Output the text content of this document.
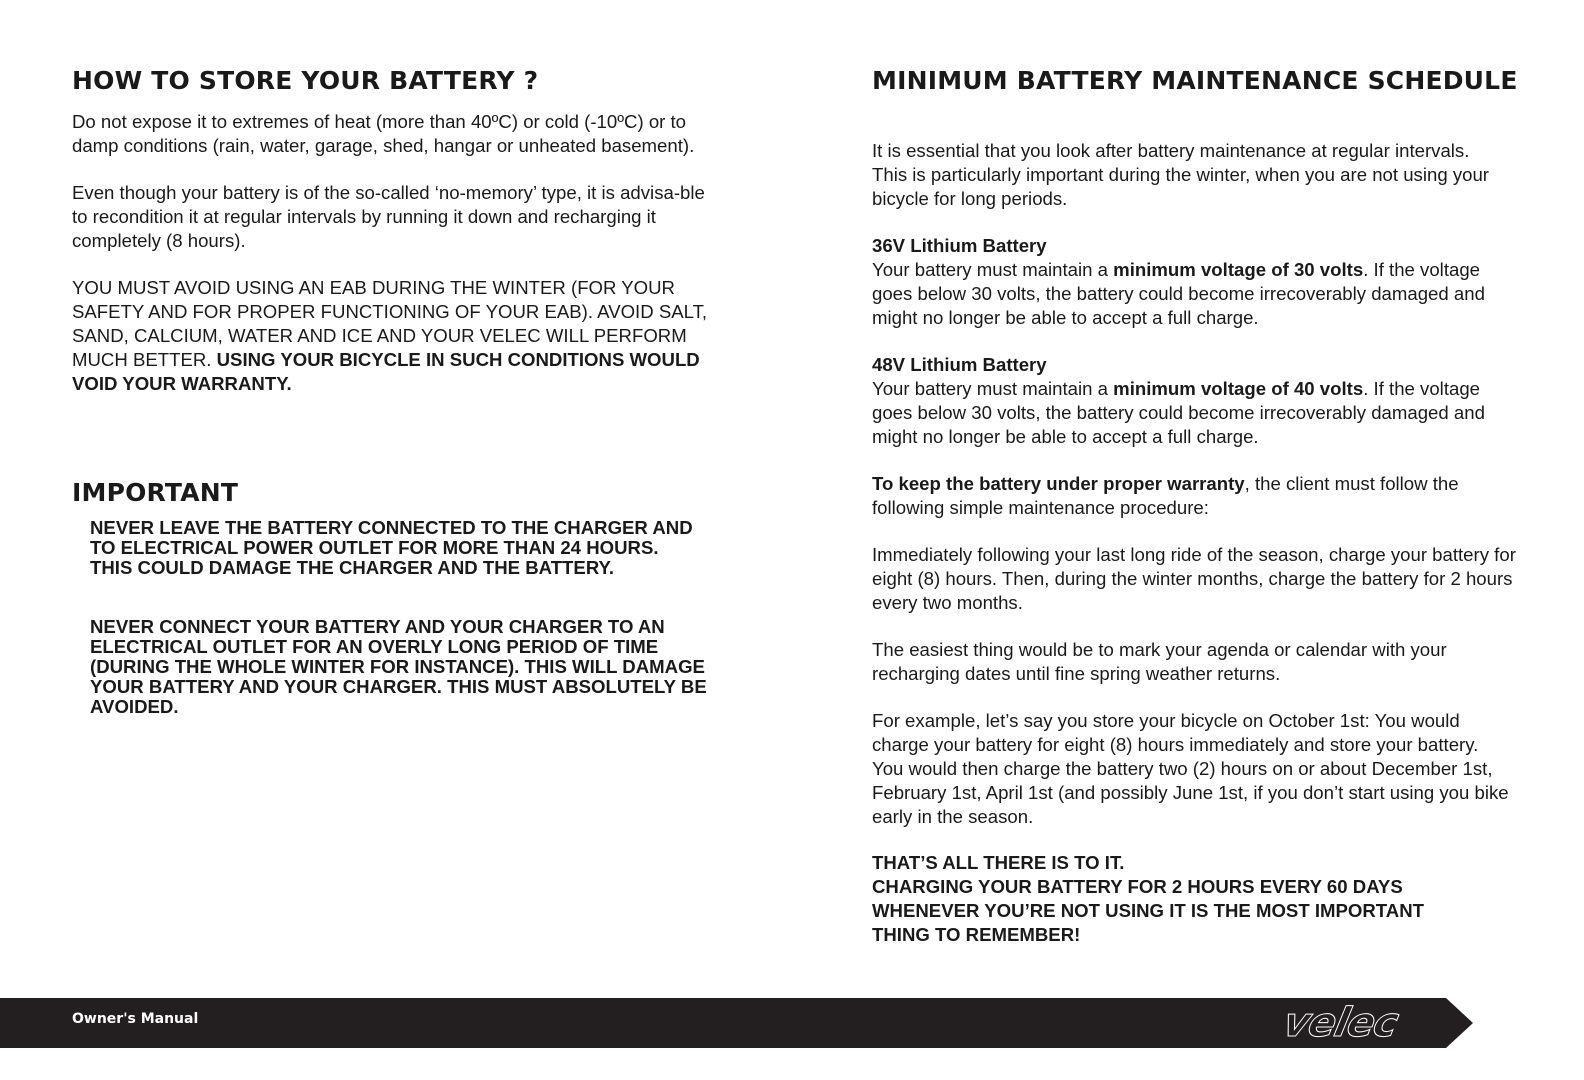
HOW TO STORE YOUR BATTERY ?

Do not expose it to extremes of heat (more than 40ºC) or cold (-10ºC) or to damp conditions (rain, water, garage, shed, hangar or unheated basement).

Even though your battery is of the so-called ‘no-memory’ type, it is advisa-ble to recondition it at regular intervals by running it down and recharging it completely (8 hours).

YOU MUST AVOID USING AN EAB DURING THE WINTER (FOR YOUR SAFETY AND FOR PROPER FUNCTIONING OF YOUR EAB). AVOID SALT, SAND, CALCIUM, WATER AND ICE AND YOUR VELEC WILL PERFORM MUCH BETTER. USING YOUR BICYCLE IN SUCH CONDITIONS WOULD VOID YOUR WARRANTY.

IMPORTANT

NEVER LEAVE THE BATTERY CONNECTED TO THE CHARGER AND TO ELECTRICAL POWER OUTLET FOR MORE THAN 24 HOURS. THIS COULD DAMAGE THE CHARGER AND THE BATTERY.

NEVER CONNECT YOUR BATTERY AND YOUR CHARGER TO AN ELECTRICAL OUTLET FOR AN OVERLY LONG PERIOD OF TIME (DURING THE WHOLE WINTER FOR INSTANCE). THIS WILL DAMAGE YOUR BATTERY AND YOUR CHARGER. THIS MUST ABSOLUTELY BE AVOIDED.

MINIMUM BATTERY MAINTENANCE SCHEDULE

It is essential that you look after battery maintenance at regular intervals. This is particularly important during the winter, when you are not using your bicycle for long periods.

36V Lithium Battery
Your battery must maintain a minimum voltage of 30 volts. If the voltage goes below 30 volts, the battery could become irrecoverably damaged and might no longer be able to accept a full charge.

48V Lithium Battery
Your battery must maintain a minimum voltage of 40 volts. If the voltage goes below 30 volts, the battery could become irrecoverably damaged and might no longer be able to accept a full charge.

To keep the battery under proper warranty, the client must follow the following simple maintenance procedure:

Immediately following your last long ride of the season, charge your battery for eight (8) hours. Then, during the winter months, charge the battery for 2 hours every two months.

The easiest thing would be to mark your agenda or calendar with your recharging dates until fine spring weather returns.

For example, let’s say you store your bicycle on October 1st: You would charge your battery for eight (8) hours immediately and store your battery. You would then charge the battery two (2) hours on or about December 1st, February 1st, April 1st (and possibly June 1st, if you don’t start using you bike early in the season.

THAT’S ALL THERE IS TO IT.
CHARGING YOUR BATTERY FOR 2 HOURS EVERY 60 DAYS WHENEVER YOU’RE NOT USING IT IS THE MOST IMPORTANT THING TO REMEMBER!

Owner's Manual	velec
